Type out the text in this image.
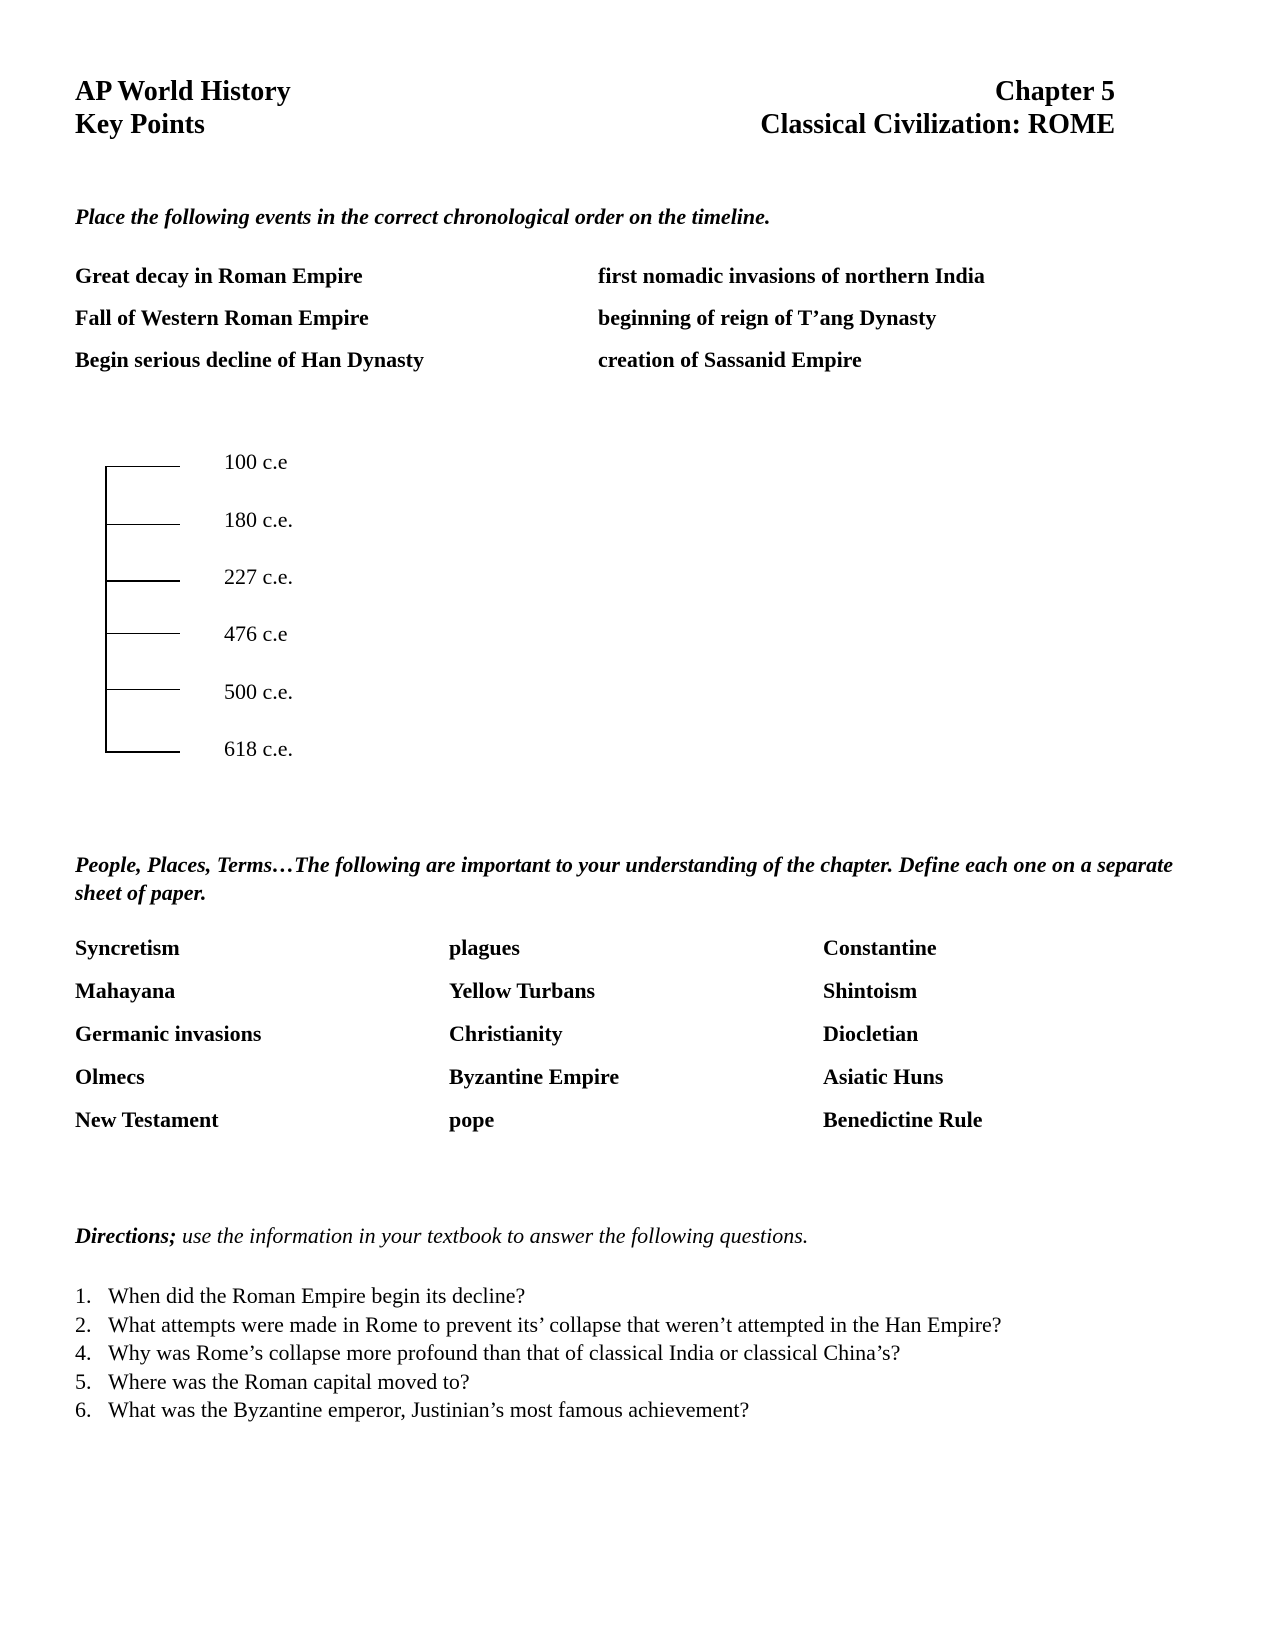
AP World History
Key Points
Chapter 5
Classical Civilization: ROME
Place the following events in the correct chronological order on the timeline.
Great decay in Roman Empire
Fall of Western Roman Empire
Begin serious decline of Han Dynasty
first nomadic invasions of northern India
beginning of reign of T’ang Dynasty
creation of Sassanid Empire
100 c.e
180 c.e.
227 c.e.
476 c.e
500 c.e.
618 c.e.
People, Places, Terms…The following are important to your understanding of the chapter. Define each one on a separate sheet of paper.
Syncretism
Mahayana
Germanic invasions
Olmecs
New Testament
plagues
Yellow Turbans
Christianity
Byzantine Empire
pope
Constantine
Shintoism
Diocletian
Asiatic Huns
Benedictine Rule
Directions; use the information in your textbook to answer the following questions.
1. When did the Roman Empire begin its decline?
2. What attempts were made in Rome to prevent its’ collapse that weren’t attempted in the Han Empire?
4. Why was Rome’s collapse more profound than that of classical India or classical China’s?
5. Where was the Roman capital moved to?
6. What was the Byzantine emperor, Justinian’s most famous achievement?
